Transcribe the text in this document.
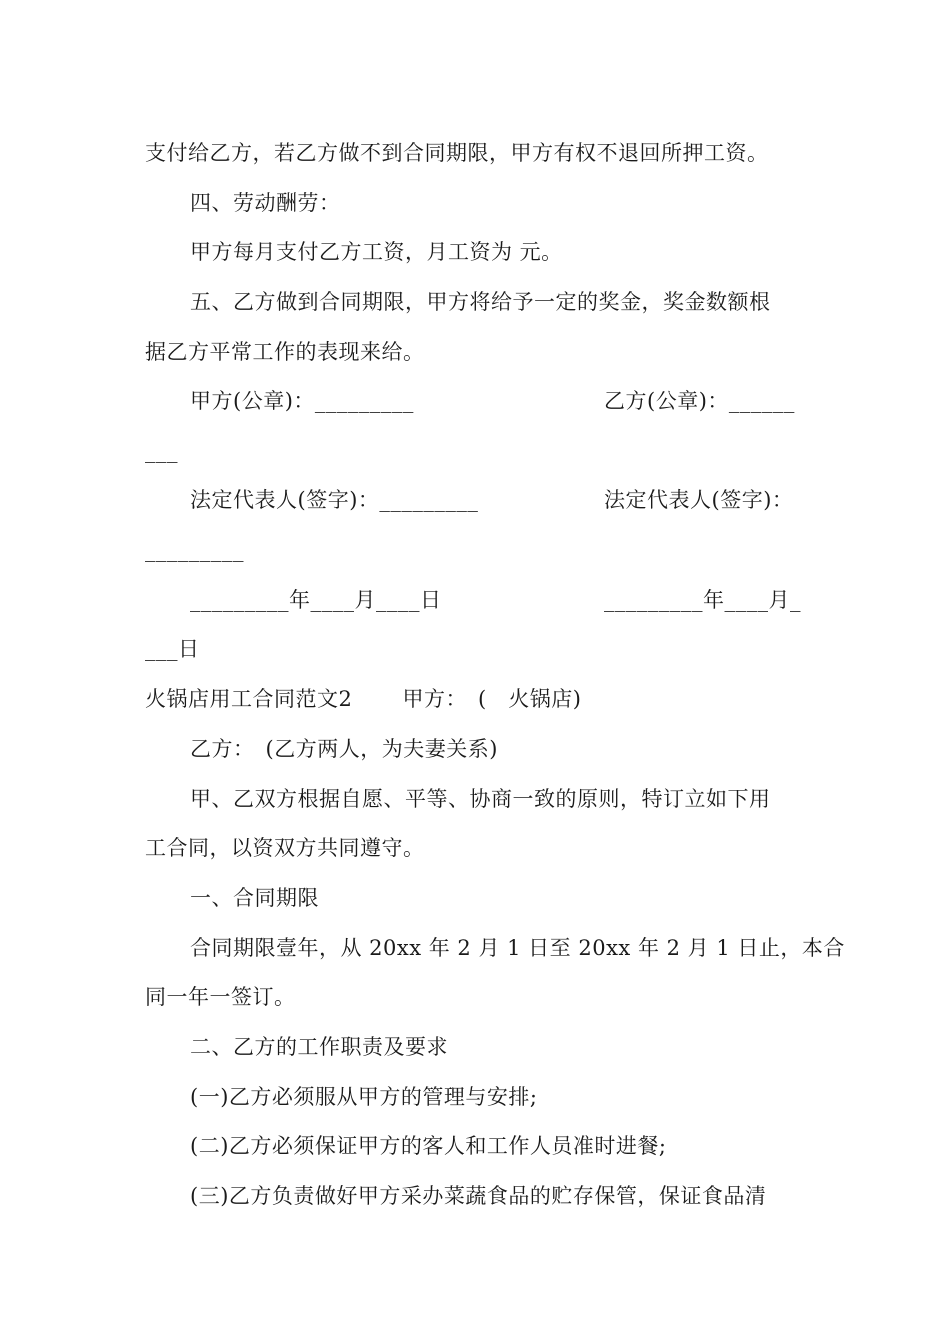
支付给乙方，若乙方做不到合同期限，甲方有权不退回所押工资。
四、劳动酬劳：
甲方每月支付乙方工资，月工资为 元。
五、乙方做到合同期限，甲方将给予一定的奖金，奖金数额根
据乙方平常工作的表现来给。
甲方(公章)：_________	乙方(公章)：______
___
法定代表人(签字)：_________	法定代表人(签字)：
_________
_________年____月____日	_________年____月_
___日
火锅店用工合同范文2　　 甲方：　(　火锅店)
乙方：　(乙方两人，为夫妻关系)
甲、乙双方根据自愿、平等、协商一致的原则，特订立如下用
工合同，以资双方共同遵守。
一、合同期限
合同期限壹年，从 20xx 年 2 月 1 日至 20xx 年 2 月 1 日止，本合
同一年一签订。
二、乙方的工作职责及要求
(一)乙方必须服从甲方的管理与安排;
(二)乙方必须保证甲方的客人和工作人员准时进餐;
(三)乙方负责做好甲方采办菜蔬食品的贮存保管，保证食品清
